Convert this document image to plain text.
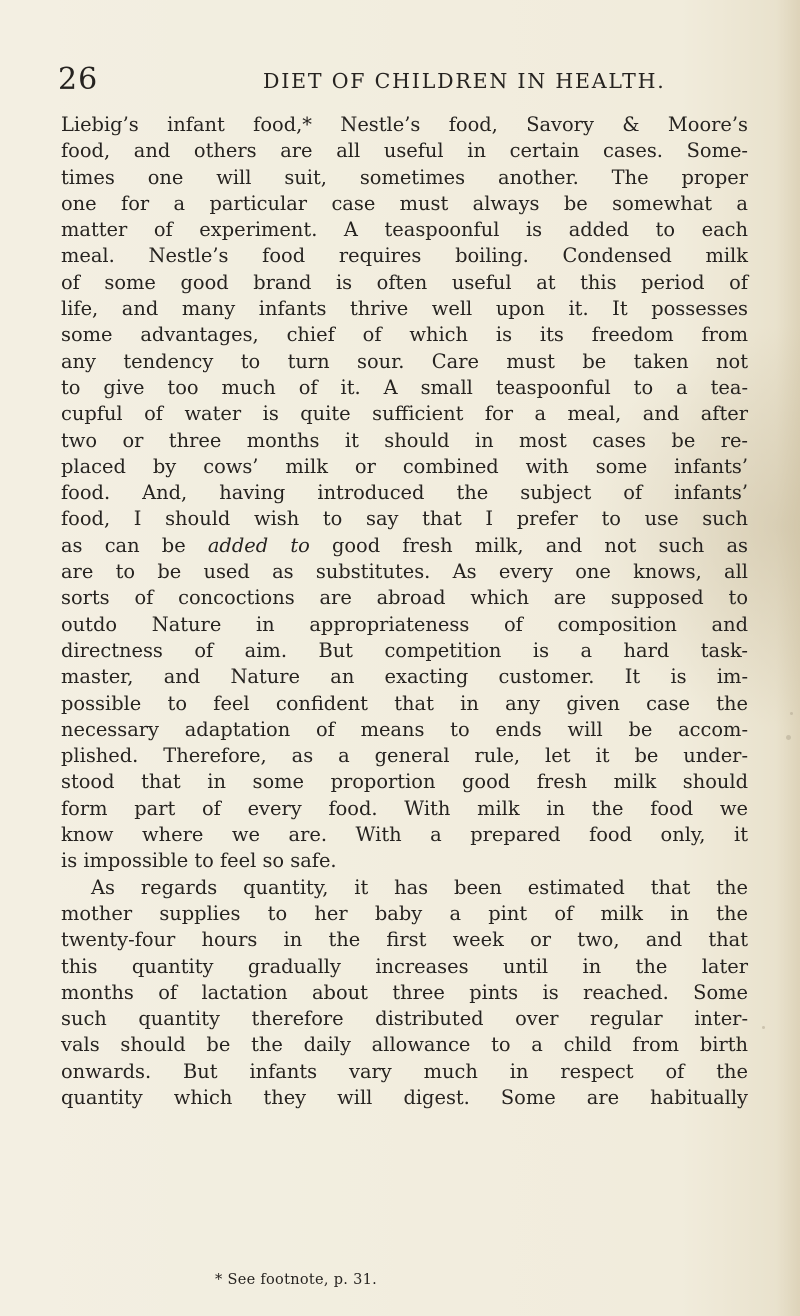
26	DIET OF CHILDREN IN HEALTH.
Liebig’s infant food,* Nestle’s food, Savory & Moore’s
food, and others are all useful in certain cases. Some-
times one will suit, sometimes another. The proper
one for a particular case must always be somewhat a
matter of experiment. A teaspoonful is added to each
meal. Nestle’s food requires boiling. Condensed milk
of some good brand is often useful at this period of
life, and many infants thrive well upon it. It possesses
some advantages, chief of which is its freedom from
any tendency to turn sour. Care must be taken not
to give too much of it. A small teaspoonful to a tea-
cupful of water is quite sufficient for a meal, and after
two or three months it should in most cases be re-
placed by cows’ milk or combined with some infants’
food. And, having introduced the subject of infants’
food, I should wish to say that I prefer to use such
as can be added to good fresh milk, and not such as
are to be used as substitutes. As every one knows, all
sorts of concoctions are abroad which are supposed to
outdo Nature in appropriateness of composition and
directness of aim. But competition is a hard task-
master, and Nature an exacting customer. It is im-
possible to feel confident that in any given case the
necessary adaptation of means to ends will be accom-
plished. Therefore, as a general rule, let it be under-
stood that in some proportion good fresh milk should
form part of every food. With milk in the food we
know where we are. With a prepared food only, it
is impossible to feel so safe.
As regards quantity, it has been estimated that the
mother supplies to her baby a pint of milk in the
twenty-four hours in the first week or two, and that
this quantity gradually increases until in the later
months of lactation about three pints is reached. Some
such quantity therefore distributed over regular inter-
vals should be the daily allowance to a child from birth
onwards. But infants vary much in respect of the
quantity which they will digest. Some are habitually
* See footnote, p. 31.
